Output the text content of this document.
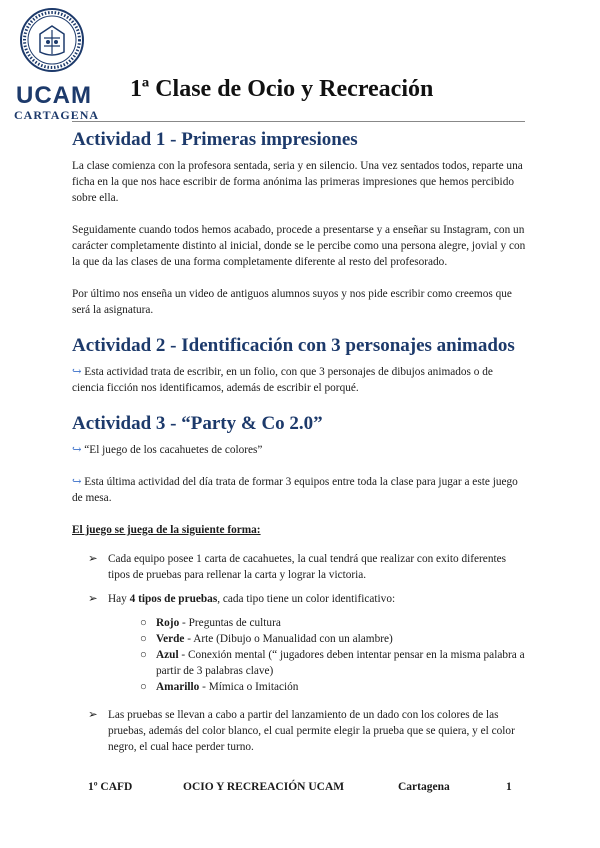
UCAM
CARTAGENA
1ª Clase de Ocio y Recreación
Actividad 1 - Primeras impresiones

La clase comienza con la profesora sentada, seria y en silencio. Una vez sentados todos, reparte una ficha en la que nos hace escribir de forma anónima las primeras impresiones que hemos percibido sobre ella.

Seguidamente cuando todos hemos acabado, procede a presentarse y a enseñar su Instagram, con un carácter completamente distinto al inicial, donde se le percibe como una persona alegre, jovial y con la que da las clases de una forma completamente diferente al resto del profesorado.

Por último nos enseña un video de antiguos alumnos suyos y nos pide escribir como creemos que será la asignatura.

Actividad 2 - Identificación con 3 personajes animados

↪ Esta actividad trata de escribir, en un folio, con que 3 personajes de dibujos animados o de ciencia ficción nos identificamos, además de escribir el porqué.

Actividad 3 - “Party & Co 2.0”

↪ “El juego de los cacahuetes de colores”

↪ Esta última actividad del día trata de formar 3 equipos entre toda la clase para jugar a este juego de mesa.

El juego se juega de la siguiente forma:

➢ Cada equipo posee 1 carta de cacahuetes, la cual tendrá que realizar con exito diferentes tipos de pruebas para rellenar la carta y lograr la victoria.
➢ Hay 4 tipos de pruebas, cada tipo tiene un color identificativo:
○ Rojo - Preguntas de cultura
○ Verde - Arte (Dibujo o Manualidad con un alambre)
○ Azul - Conexión mental (“ jugadores deben intentar pensar en la misma palabra a partir de 3 palabras clave)
○ Amarillo - Mímica o Imitación
➢ Las pruebas se llevan a cabo a partir del lanzamiento de un dado con los colores de las pruebas, además del color blanco, el cual permite elegir la prueba que se quiera, y el color negro, el cual hace perder turno.
1º CAFD	OCIO Y RECREACIÓN UCAM	Cartagena	1
